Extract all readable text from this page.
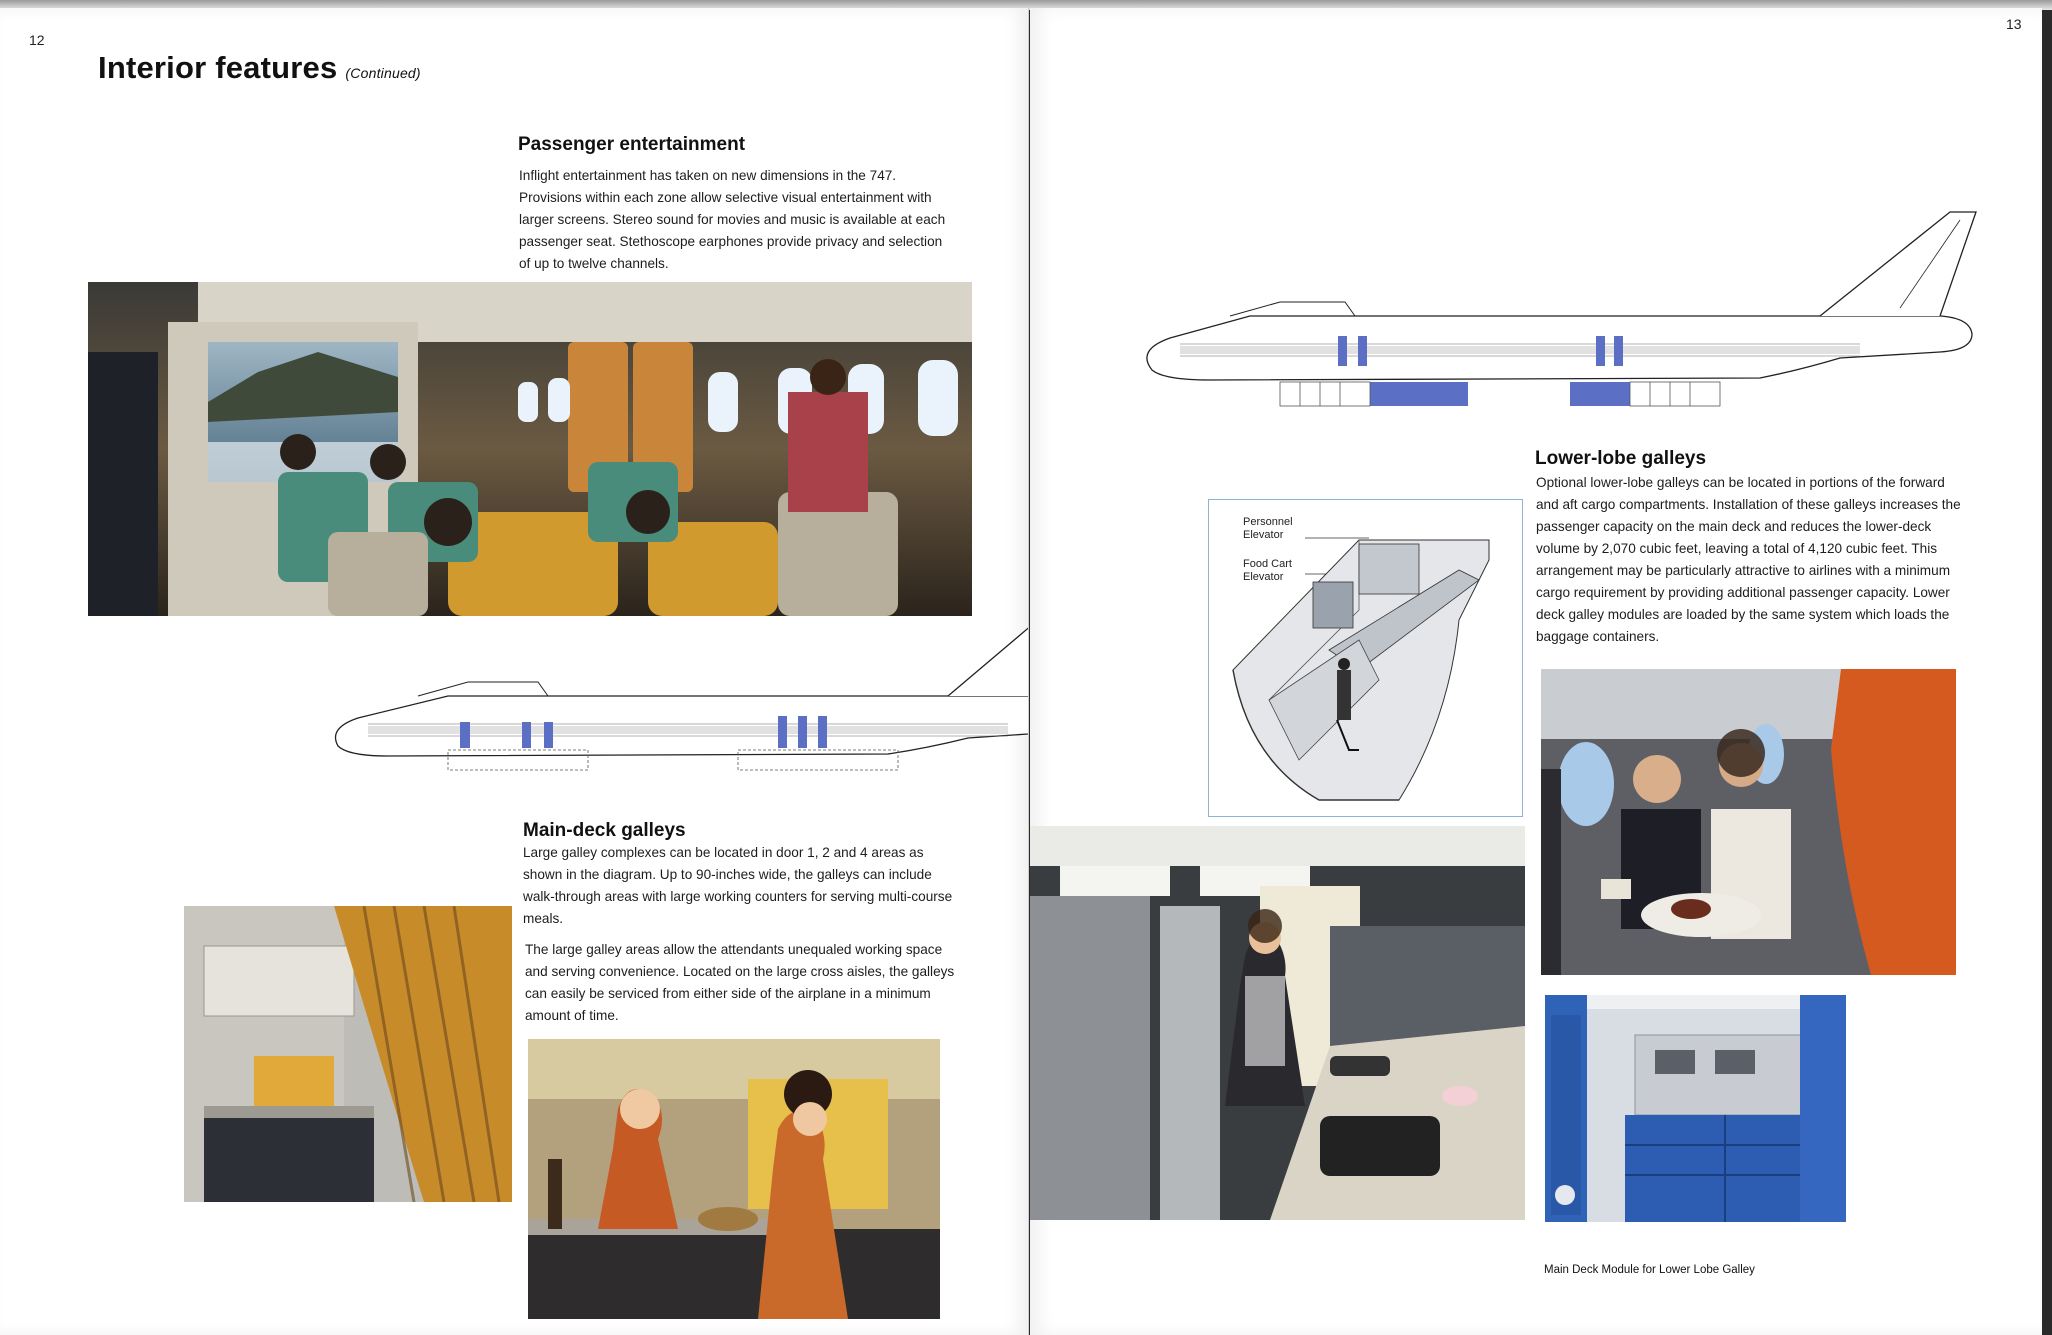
12
Interior features (Continued)
Passenger entertainment
Inflight entertainment has taken on new dimensions in the 747. Provisions within each zone allow selective visual entertainment with larger screens. Stereo sound for movies and music is available at each passenger seat. Stethoscope earphones provide privacy and selection of up to twelve channels.
Main-deck galleys
Large galley complexes can be located in door 1, 2 and 4 areas as shown in the diagram. Up to 90-inches wide, the galleys can include walk-through areas with large working counters for serving multi-course meals.
The large galley areas allow the attendants unequaled working space and serving convenience. Located on the large cross aisles, the galleys can easily be serviced from either side of the airplane in a minimum amount of time.
13
Lower-lobe galleys
Optional lower-lobe galleys can be located in portions of the forward and aft cargo compartments. Installation of these galleys increases the passenger capacity on the main deck and reduces the lower-deck volume by 2,070 cubic feet, leaving a total of 4,120 cubic feet. This arrangement may be particularly attractive to airlines with a minimum cargo requirement by providing additional passenger capacity. Lower deck galley modules are loaded by the same system which loads the baggage containers.
Personnel Elevator
Food Cart Elevator
Main Deck Module for Lower Lobe Galley
